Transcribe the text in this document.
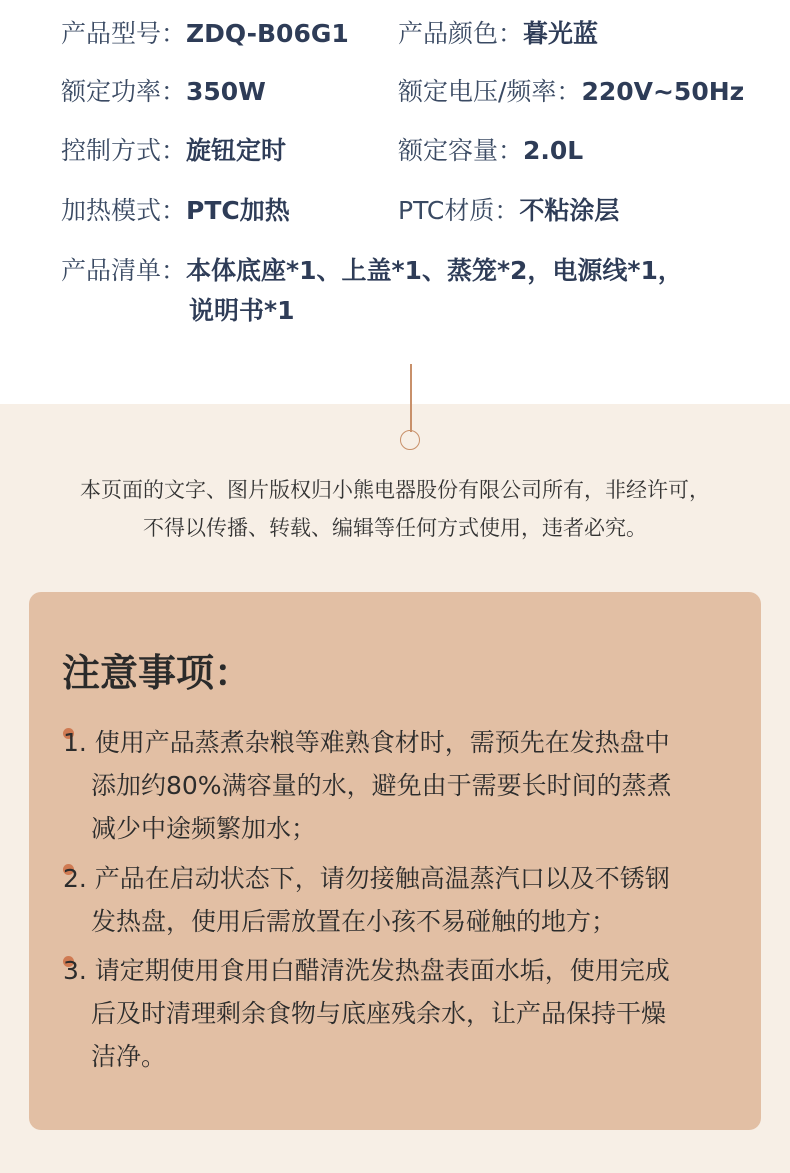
产品型号：ZDQ-B06G1 产品颜色：暮光蓝
额定功率：350W	额定电压/频率：220V~50Hz
控制方式：旋钮定时	额定容量：2.0L
加热模式：PTC加热	PTC材质：不粘涂层
产品清单：本体底座*1、上盖*1、蒸笼*2，电源线*1，
说明书*1
本页面的文字、图片版权归小熊电器股份有限公司所有，非经许可，
不得以传播、转载、编辑等任何方式使用，违者必究。
注意事项：
1. 使用产品蒸煮杂粮等难熟食材时，需预先在发热盘中
添加约80%满容量的水，避免由于需要长时间的蒸煮
减少中途频繁加水；
2. 产品在启动状态下，请勿接触高温蒸汽口以及不锈钢
发热盘，使用后需放置在小孩不易碰触的地方；
3. 请定期使用食用白醋清洗发热盘表面水垢，使用完成
后及时清理剩余食物与底座残余水，让产品保持干燥
洁净。
